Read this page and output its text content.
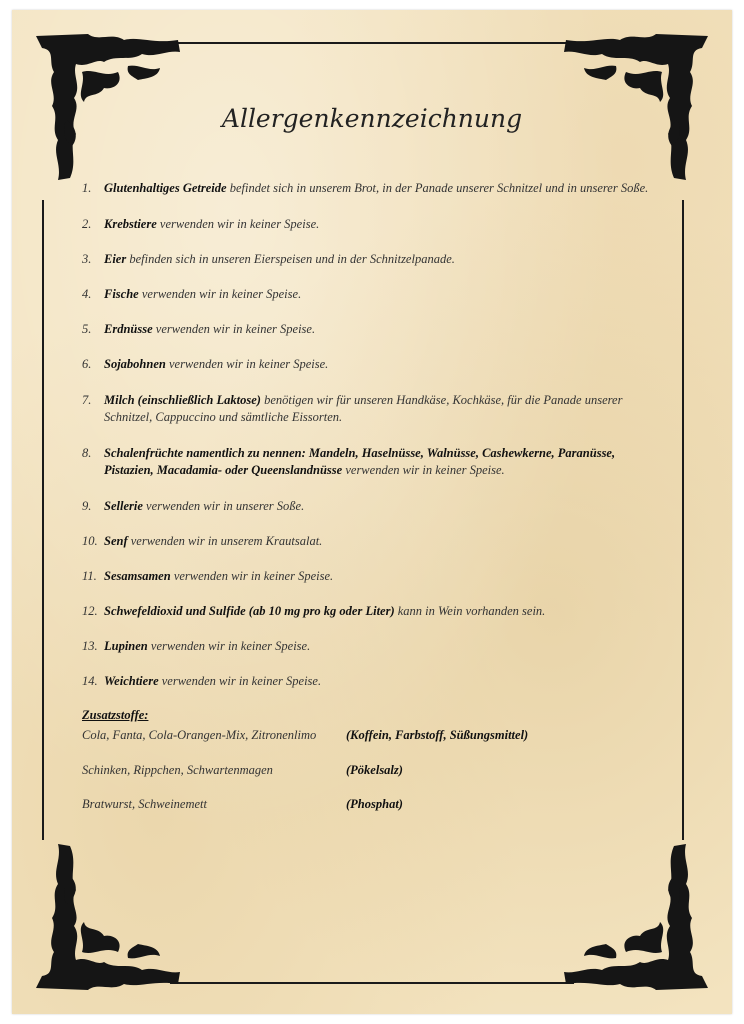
Allergenkennzeichnung
1. Glutenhaltiges Getreide befindet sich in unserem Brot, in der Panade unserer Schnitzel und in unserer Soße.
2. Krebstiere verwenden wir in keiner Speise.
3. Eier befinden sich in unseren Eierspeisen und in der Schnitzelpanade.
4. Fische verwenden wir in keiner Speise.
5. Erdnüsse verwenden wir in keiner Speise.
6. Sojabohnen verwenden wir in keiner Speise.
7. Milch (einschließlich Laktose) benötigen wir für unseren Handkäse, Kochkäse, für die Panade unserer
Schnitzel, Cappuccino und sämtliche Eissorten.
8. Schalenfrüchte namentlich zu nennen: Mandeln, Haselnüsse, Walnüsse, Cashewkerne, Paranüsse,
Pistazien, Macadamia- oder Queenslandnüsse verwenden wir in keiner Speise.
9. Sellerie verwenden wir in unserer Soße.
10. Senf verwenden wir in unserem Krautsalat.
11. Sesamsamen verwenden wir in keiner Speise.
12. Schwefeldioxid und Sulfide (ab 10 mg pro kg oder Liter) kann in Wein vorhanden sein.
13. Lupinen verwenden wir in keiner Speise.
14. Weichtiere verwenden wir in keiner Speise.
Zusatzstoffe:
Cola, Fanta, Cola-Orangen-Mix, Zitronenlimo (Koffein, Farbstoff, Süßungsmittel)
Schinken, Rippchen, Schwartenmagen	(Pökelsalz)
Bratwurst, Schweinemett	(Phosphat)
